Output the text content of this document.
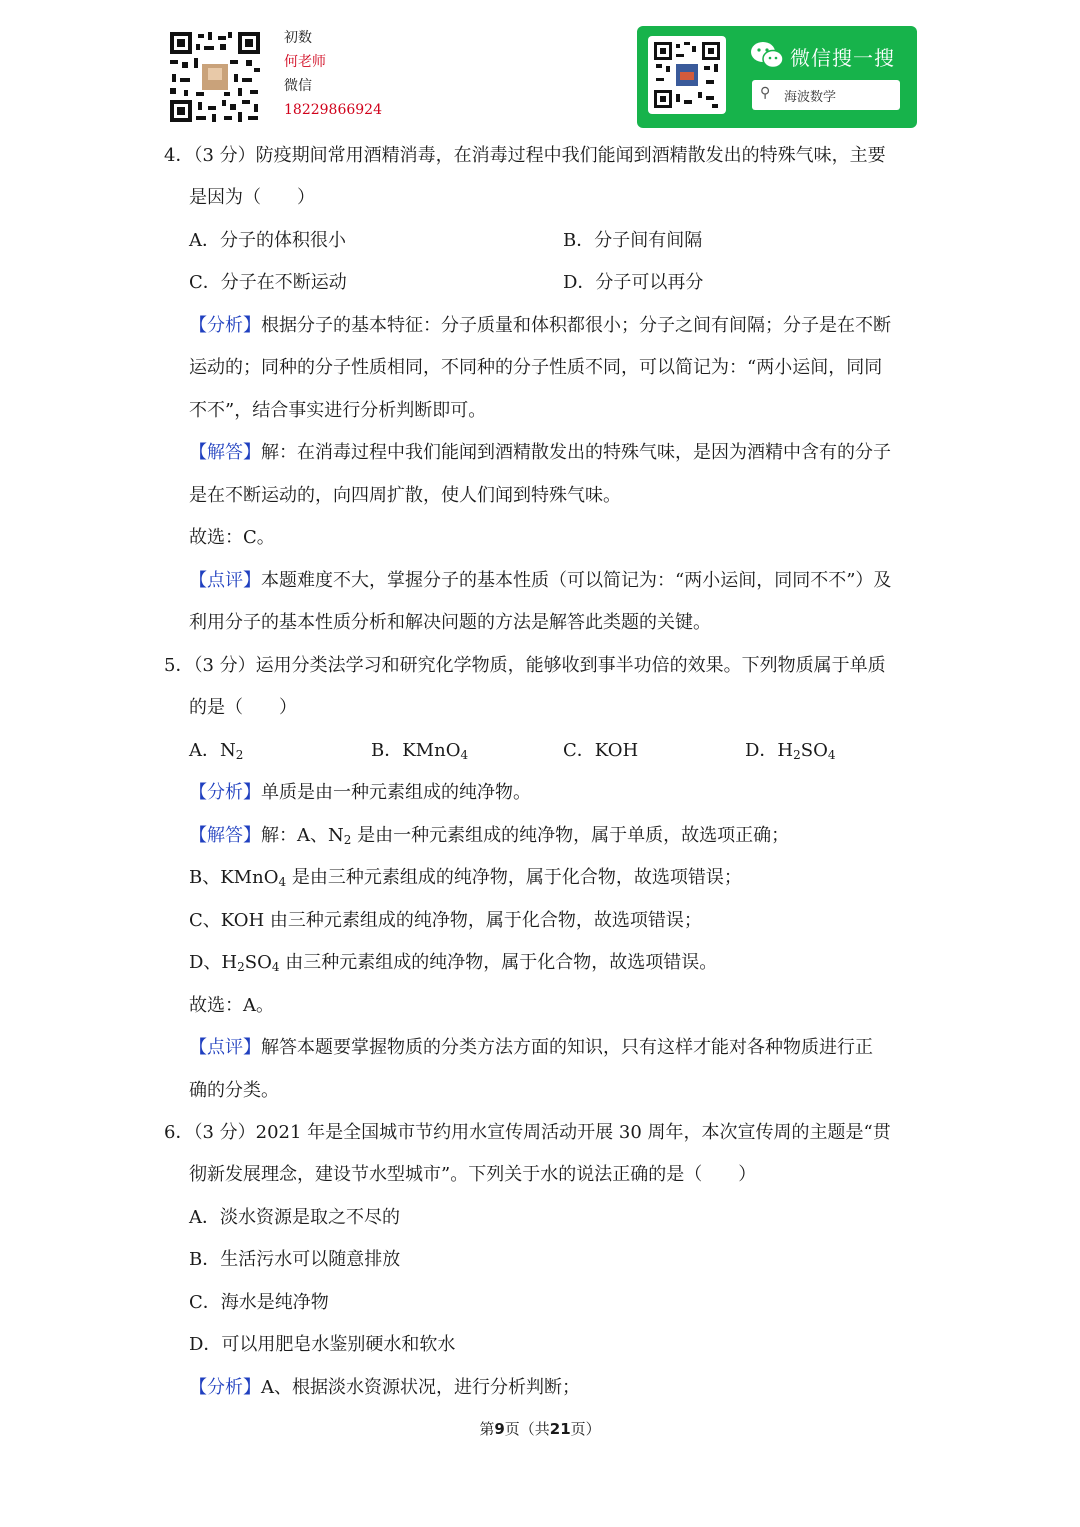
初数
何老师
微信
18229866924
微信搜一搜
⚲ 海波数学
4．（3 分）防疫期间常用酒精消毒，在消毒过程中我们能闻到酒精散发出的特殊气味，主要
是因为（　　）
A．分子的体积很小	B．分子间有间隔
C．分子在不断运动	D．分子可以再分
【分析】根据分子的基本特征：分子质量和体积都很小；分子之间有间隔；分子是在不断
运动的；同种的分子性质相同，不同种的分子性质不同，可以简记为：“两小运间，同同
不不”，结合事实进行分析判断即可。
【解答】解：在消毒过程中我们能闻到酒精散发出的特殊气味，是因为酒精中含有的分子
是在不断运动的，向四周扩散，使人们闻到特殊气味。
故选：C。
【点评】本题难度不大，掌握分子的基本性质（可以简记为：“两小运间，同同不不”）及
利用分子的基本性质分析和解决问题的方法是解答此类题的关键。
5．（3 分）运用分类法学习和研究化学物质，能够收到事半功倍的效果。下列物质属于单质
的是（　　）
A．$N_2$	B．KMnO$_4$	C．KOH	D．$H_2SO_4$
【分析】单质是由一种元素组成的纯净物。
【解答】解：A、$N_2$ 是由一种元素组成的纯净物，属于单质，故选项正确；
B、KMnO$_4$ 是由三种元素组成的纯净物，属于化合物，故选项错误；
C、KOH 由三种元素组成的纯净物，属于化合物，故选项错误；
D、$H_2SO_4$ 由三种元素组成的纯净物，属于化合物，故选项错误。
故选：A。
【点评】解答本题要掌握物质的分类方法方面的知识，只有这样才能对各种物质进行正
确的分类。
6．（3 分）2021 年是全国城市节约用水宣传周活动开展 30 周年，本次宣传周的主题是“贯
彻新发展理念，建设节水型城市”。下列关于水的说法正确的是（　　）
A．淡水资源是取之不尽的
B．生活污水可以随意排放
C．海水是纯净物
D．可以用肥皂水鉴别硬水和软水
【分析】A、根据淡水资源状况，进行分析判断；
第9页（共21页）
